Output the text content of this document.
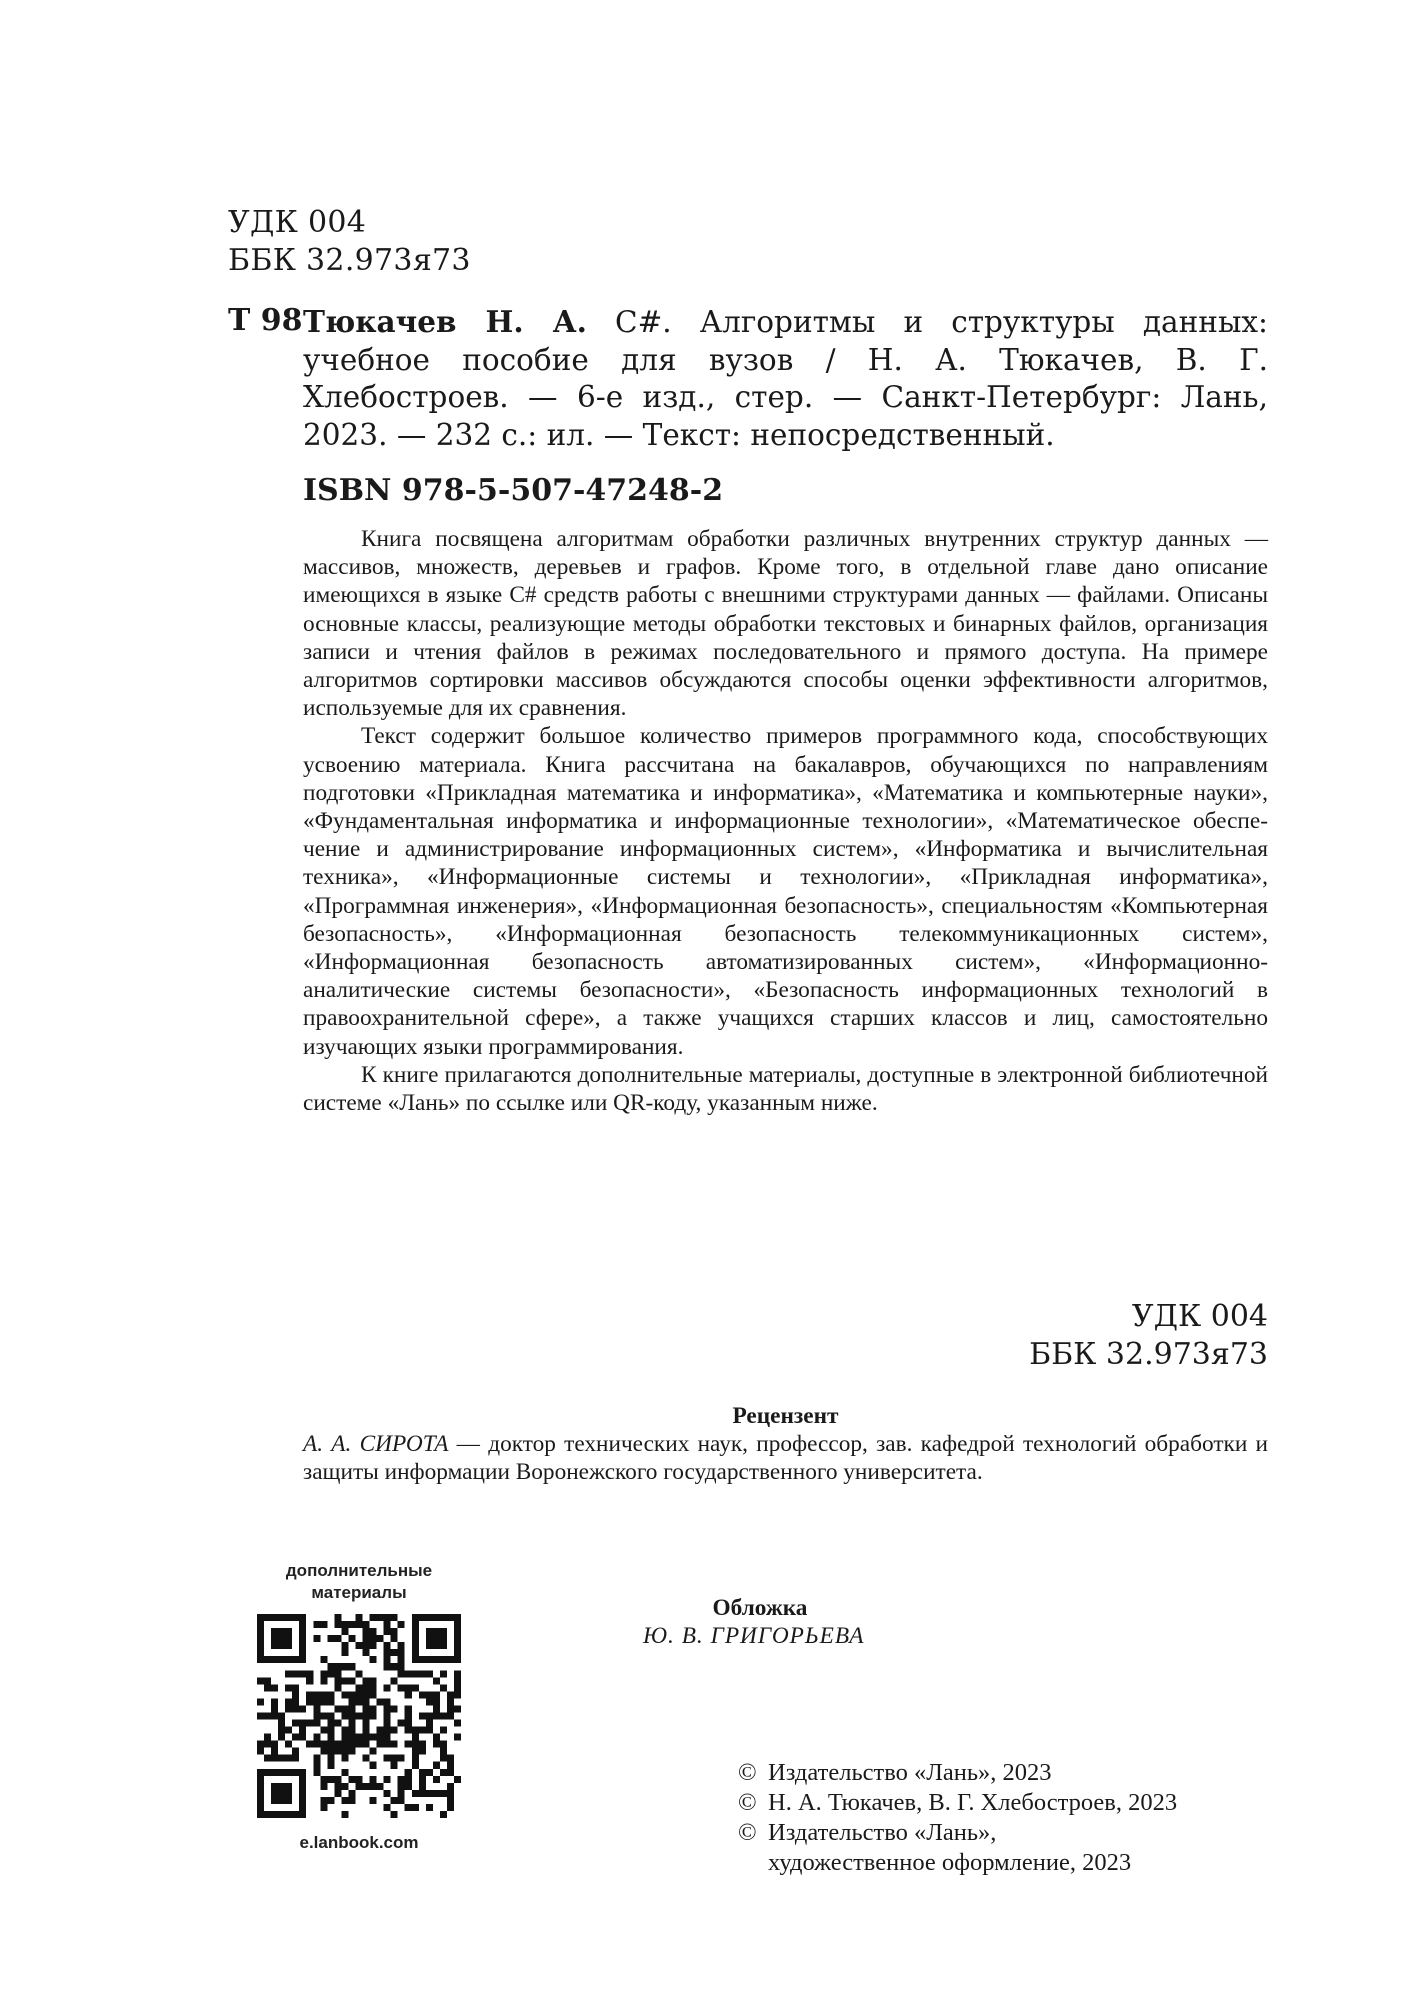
УДК 004
ББК 32.973я73
Т 98 Тюкачев Н. А. С#. Алгоритмы и структуры данных: учебное пособие для вузов / Н. А. Тюкачев, В. Г. Хлебостроев. — 6-е изд., стер. — Санкт-Петербург: Лань, 2023. — 232 с.: ил. — Текст: непосредственный.
ISBN 978-5-507-47248-2

Книга посвящена алгоритмам обработки различных внутренних структур данных — массивов, множеств, деревьев и графов. Кроме того, в отдельной главе дано описание имеющихся в языке С# средств работы с внешними структурами данных — файлами. Описаны основные классы, реализующие методы обработки текстовых и бинарных файлов, организация записи и чтения файлов в режимах последовательного и прямого доступа. На примере алгоритмов сортировки массивов обсуждаются способы оценки эффективности алгоритмов, используемые для их сравнения.

Текст содержит большое количество примеров программного кода, способствующих усвоению материала. Книга рассчитана на бакалавров, обучающихся по направлениям подготовки «Прикладная математика и информатика», «Математика и компьютерные науки», «Фундаментальная информатика и информационные технологии», «Математическое обеспечение и администрирование информационных систем», «Информатика и вычислительная техника», «Информационные системы и технологии», «Прикладная информатика», «Программная инженерия», «Информационная безопасность», специальностям «Компьютерная безопасность», «Информационная безопасность телекоммуникационных систем», «Информационная безопасность автоматизированных систем», «Информационно-аналитические системы безопасности», «Безопасность информационных технологий в правоохранительной сфере», а также учащихся старших классов и лиц, самостоятельно изучающих языки программирования.

К книге прилагаются дополнительные материалы, доступные в электронной библиотечной системе «Лань» по ссылке или QR-коду, указанным ниже.

УДК 004
ББК 32.973я73
Рецензент
А. А. СИРОТА — доктор технических наук, профессор, зав. кафедрой технологий обработки и защиты информации Воронежского государственного университета.
дополнительные
материалы
e.lanbook.com
Обложка
Ю. В. ГРИГОРЬЕВА
© Издательство «Лань», 2023
© Н. А. Тюкачев, В. Г. Хлебостроев, 2023
© Издательство «Лань»,
художественное оформление, 2023
